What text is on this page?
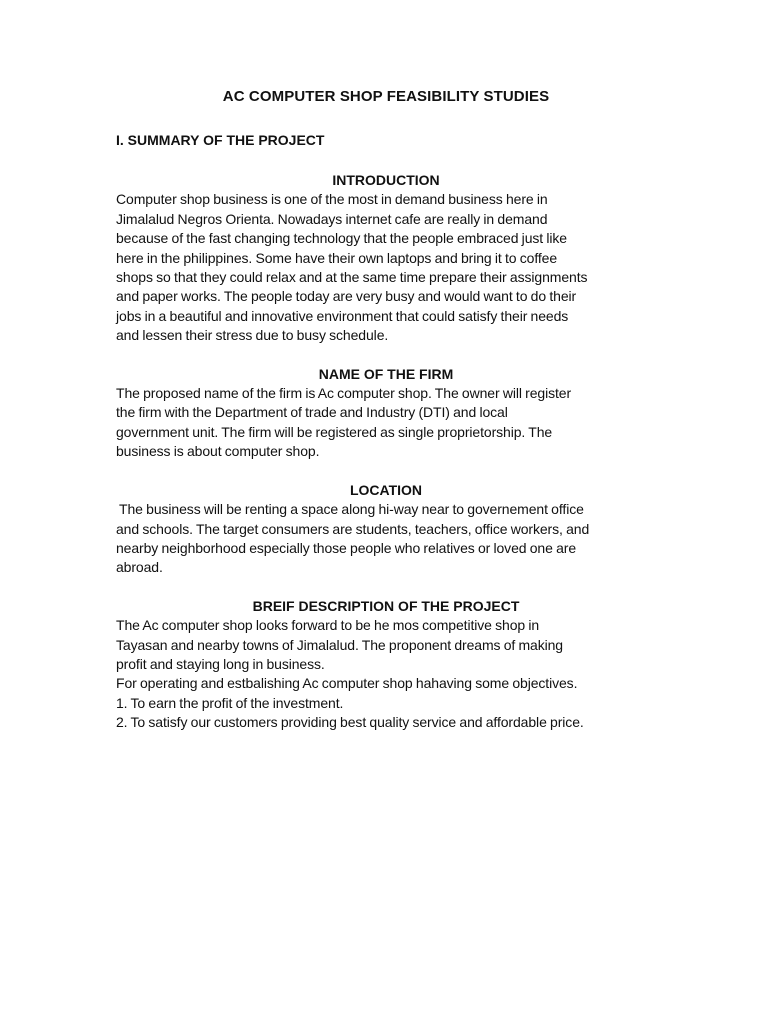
AC COMPUTER SHOP FEASIBILITY STUDIES
I. SUMMARY OF THE PROJECT
INTRODUCTION

Computer shop business is one of the most in demand business here in
Jimalalud Negros Orienta. Nowadays internet cafe are really in demand
because of the fast changing technology that the people embraced just like
here in the philippines. Some have their own laptops and bring it to coffee
shops so that they could relax and at the same time prepare their assignments
and paper works. The people today are very busy and would want to do their
jobs in a beautiful and innovative environment that could satisfy their needs
and lessen their stress due to busy schedule.

NAME OF THE FIRM

The proposed name of the firm is Ac computer shop. The owner will register
the firm with the Department of trade and Industry (DTI) and local
government unit. The firm will be registered as single proprietorship. The
business is about computer shop.

LOCATION

The business will be renting a space along hi-way near to governement office
and schools. The target consumers are students, teachers, office workers, and
nearby neighborhood especially those people who relatives or loved one are
abroad.

BREIF DESCRIPTION OF THE PROJECT

The Ac computer shop looks forward to be he mos competitive shop in
Tayasan and nearby towns of Jimalalud. The proponent dreams of making
profit and staying long in business.
For operating and estbalishing Ac computer shop hahaving some objectives.
1. To earn the profit of the investment.
2. To satisfy our customers providing best quality service and affordable price.
